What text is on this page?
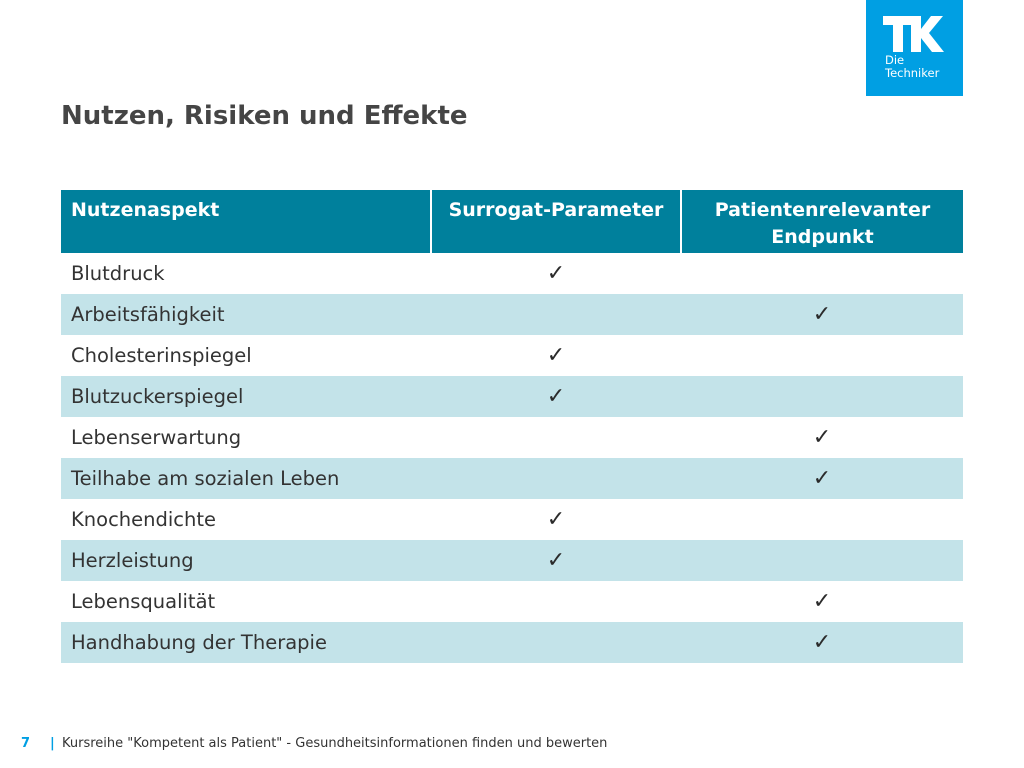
Die
Techniker
Nutzen, Risiken und Effekte
Nutzenaspekt	Surrogat-Parameter	Patientenrelevanter Endpunkt
Blutdruck	✓	
Arbeitsfähigkeit		✓
Cholesterinspiegel	✓	
Blutzuckerspiegel	✓	
Lebenserwartung		✓
Teilhabe am sozialen Leben		✓
Knochendichte	✓	
Herzleistung	✓	
Lebensqualität		✓
Handhabung der Therapie		✓
7 | Kursreihe "Kompetent als Patient" - Gesundheitsinformationen finden und bewerten
